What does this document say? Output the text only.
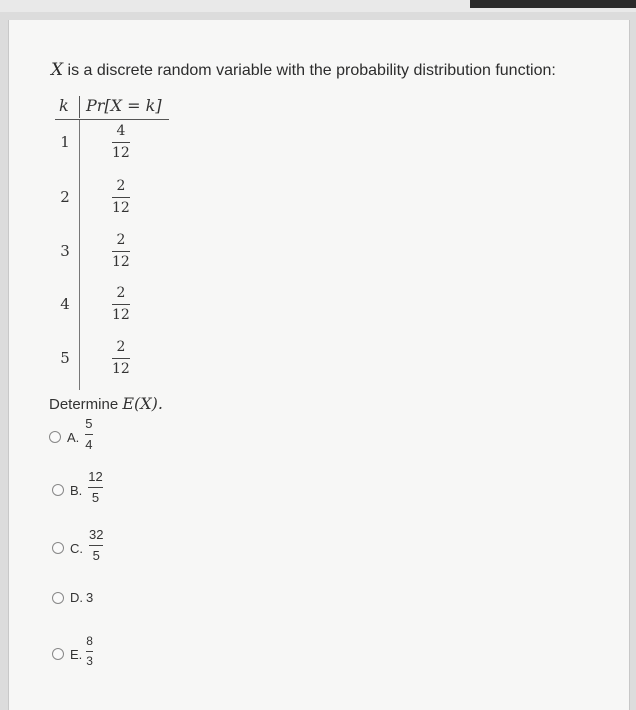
X is a discrete random variable with the probability distribution function:
k Pr[X = k]
1
4
12
2
2
12
3
2
12
4
2
12
5
2
12
Determine E(X).
A. $\frac{5}{4}$
B. $\frac{12}{5}$
C. $\frac{32}{5}$
D. 3
E. $\frac{8}{3}$
